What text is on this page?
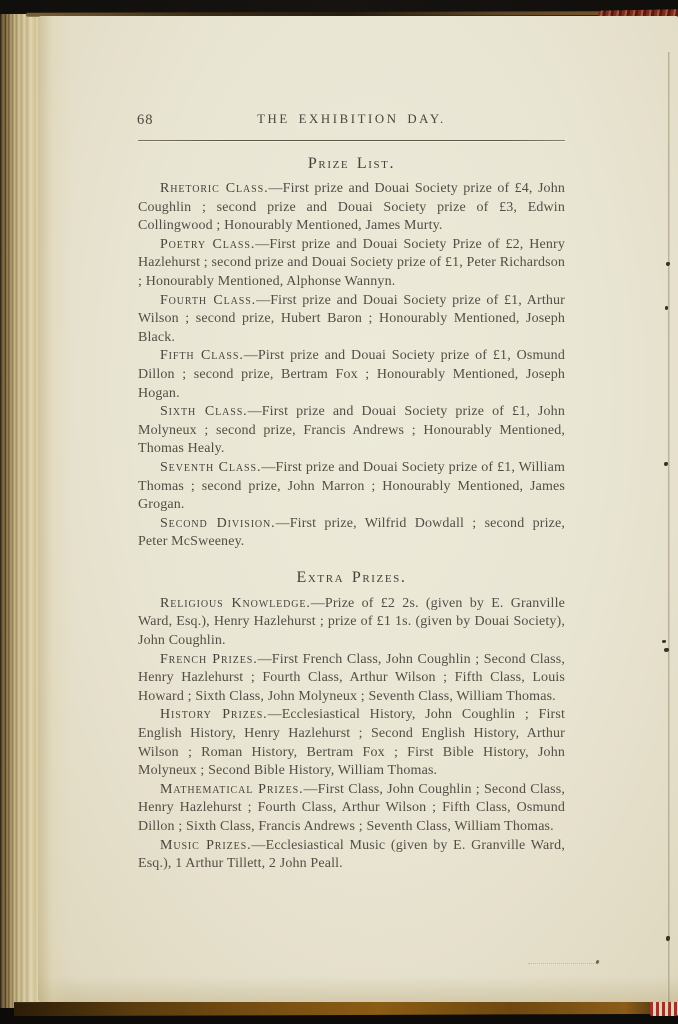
68	THE EXHIBITION DAY.
Prize List.

Rhetoric Class.—First prize and Douai Society prize of £4, John Coughlin ; second prize and Douai Society prize of £3, Edwin Collingwood ; Honourably Mentioned, James Murty.

Poetry Class.—First prize and Douai Society Prize of £2, Henry Hazlehurst ; second prize and Douai Society prize of £1, Peter Richardson ; Honourably Mentioned, Alphonse Wannyn.

Fourth Class.—First prize and Douai Society prize of £1, Arthur Wilson ; second prize, Hubert Baron ; Honourably Mentioned, Joseph Black.

Fifth Class.—Pirst prize and Douai Society prize of £1, Osmund Dillon ; second prize, Bertram Fox ; Honourably Mentioned, Joseph Hogan.

Sixth Class.—First prize and Douai Society prize of £1, John Molyneux ; second prize, Francis Andrews ; Honourably Mentioned, Thomas Healy.

Seventh Class.—First prize and Douai Society prize of £1, William Thomas ; second prize, John Marron ; Honourably Mentioned, James Grogan.

Second Division.—First prize, Wilfrid Dowdall ; second prize, Peter McSweeney.

Extra Prizes.

Religious Knowledge.—Prize of £2 2s. (given by E. Granville Ward, Esq.), Henry Hazlehurst ; prize of £1 1s. (given by Douai Society), John Coughlin.

French Prizes.—First French Class, John Coughlin ; Second Class, Henry Hazlehurst ; Fourth Class, Arthur Wilson ; Fifth Class, Louis Howard ; Sixth Class, John Molyneux ; Seventh Class, William Thomas.

History Prizes.—Ecclesiastical History, John Coughlin ; First English History, Henry Hazlehurst ; Second English History, Arthur Wilson ; Roman History, Bertram Fox ; First Bible History, John Molyneux ; Second Bible History, William Thomas.

Mathematical Prizes.—First Class, John Coughlin ; Second Class, Henry Hazlehurst ; Fourth Class, Arthur Wilson ; Fifth Class, Osmund Dillon ; Sixth Class, Francis Andrews ; Seventh Class, William Thomas.

Music Prizes.—Ecclesiastical Music (given by E. Granville Ward, Esq.), 1 Arthur Tillett, 2 John Peall.
